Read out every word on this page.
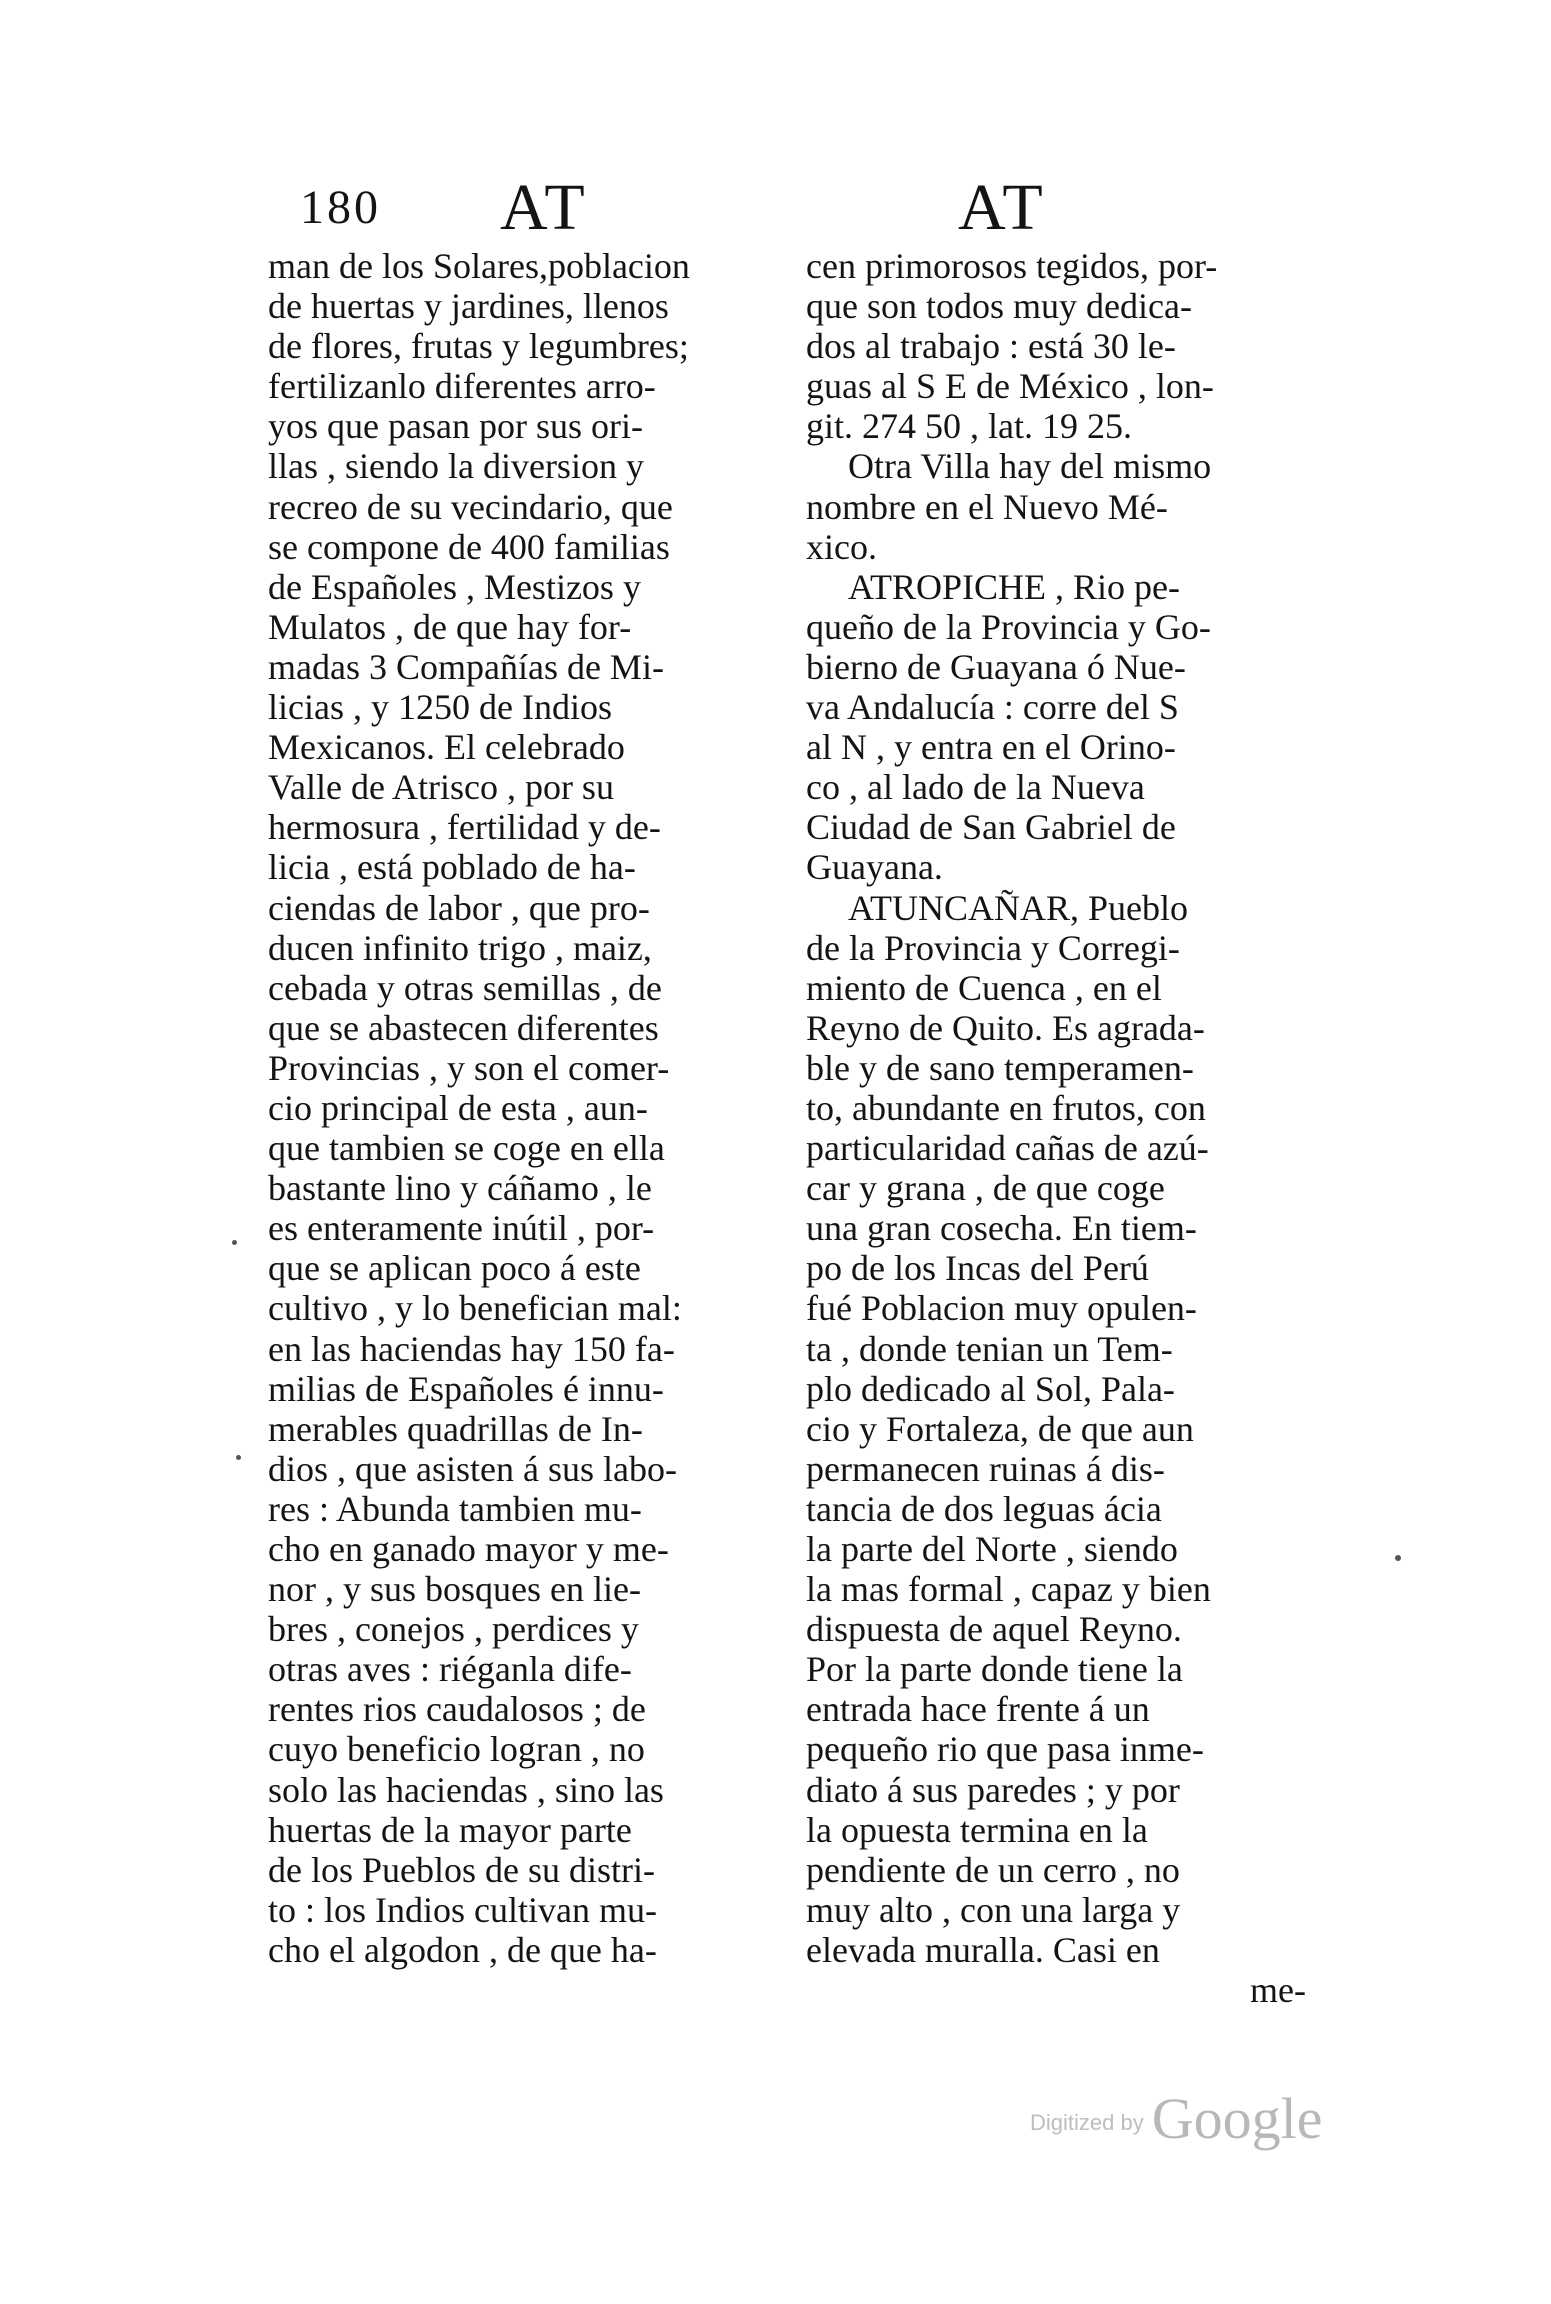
180 AT	AT
man de los Solares,poblacion
de huertas y jardines, llenos
de flores, frutas y legumbres;
fertilizanlo diferentes arro-
yos que pasan por sus ori-
llas , siendo la diversion y
recreo de su vecindario, que
se compone de 400 familias
de Españoles , Mestizos y
Mulatos , de que hay for-
madas 3 Compañías de Mi-
licias , y 1250 de Indios
Mexicanos. El celebrado
Valle de Atrisco , por su
hermosura , fertilidad y de-
licia , está poblado de ha-
ciendas de labor , que pro-
ducen infinito trigo , maiz,
cebada y otras semillas , de
que se abastecen diferentes
Provincias , y son el comer-
cio principal de esta , aun-
que tambien se coge en ella
bastante lino y cáñamo , le
es enteramente inútil , por-
que se aplican poco á este
cultivo , y lo benefician mal:
en las haciendas hay 150 fa-
milias de Españoles é innu-
merables quadrillas de In-
dios , que asisten á sus labo-
res : Abunda tambien mu-
cho en ganado mayor y me-
nor , y sus bosques en lie-
bres , conejos , perdices y
otras aves : riéganla dife-
rentes rios caudalosos ; de
cuyo beneficio logran , no
solo las haciendas , sino las
huertas de la mayor parte
de los Pueblos de su distri-
to : los Indios cultivan mu-
cho el algodon , de que ha-
cen primorosos tegidos, por-
que son todos muy dedica-
dos al trabajo : está 30 le-
guas al S E de México , lon-
git. 274 50 , lat. 19 25.
Otra Villa hay del mismo
nombre en el Nuevo Mé-
xico.
ATROPICHE , Rio pe-
queño de la Provincia y Go-
bierno de Guayana ó Nue-
va Andalucía : corre del S
al N , y entra en el Orino-
co , al lado de la Nueva
Ciudad de San Gabriel de
Guayana.
ATUNCAÑAR, Pueblo
de la Provincia y Corregi-
miento de Cuenca , en el
Reyno de Quito. Es agrada-
ble y de sano temperamen-
to, abundante en frutos, con
particularidad cañas de azú-
car y grana , de que coge
una gran cosecha. En tiem-
po de los Incas del Perú
fué Poblacion muy opulen-
ta , donde tenian un Tem-
plo dedicado al Sol, Pala-
cio y Fortaleza, de que aun
permanecen ruinas á dis-
tancia de dos leguas ácia
la parte del Norte , siendo
la mas formal , capaz y bien
dispuesta de aquel Reyno.
Por la parte donde tiene la
entrada hace frente á un
pequeño rio que pasa inme-
diato á sus paredes ; y por
la opuesta termina en la
pendiente de un cerro , no
muy alto , con una larga y
elevada muralla. Casi en
me-
Digitized by Google
